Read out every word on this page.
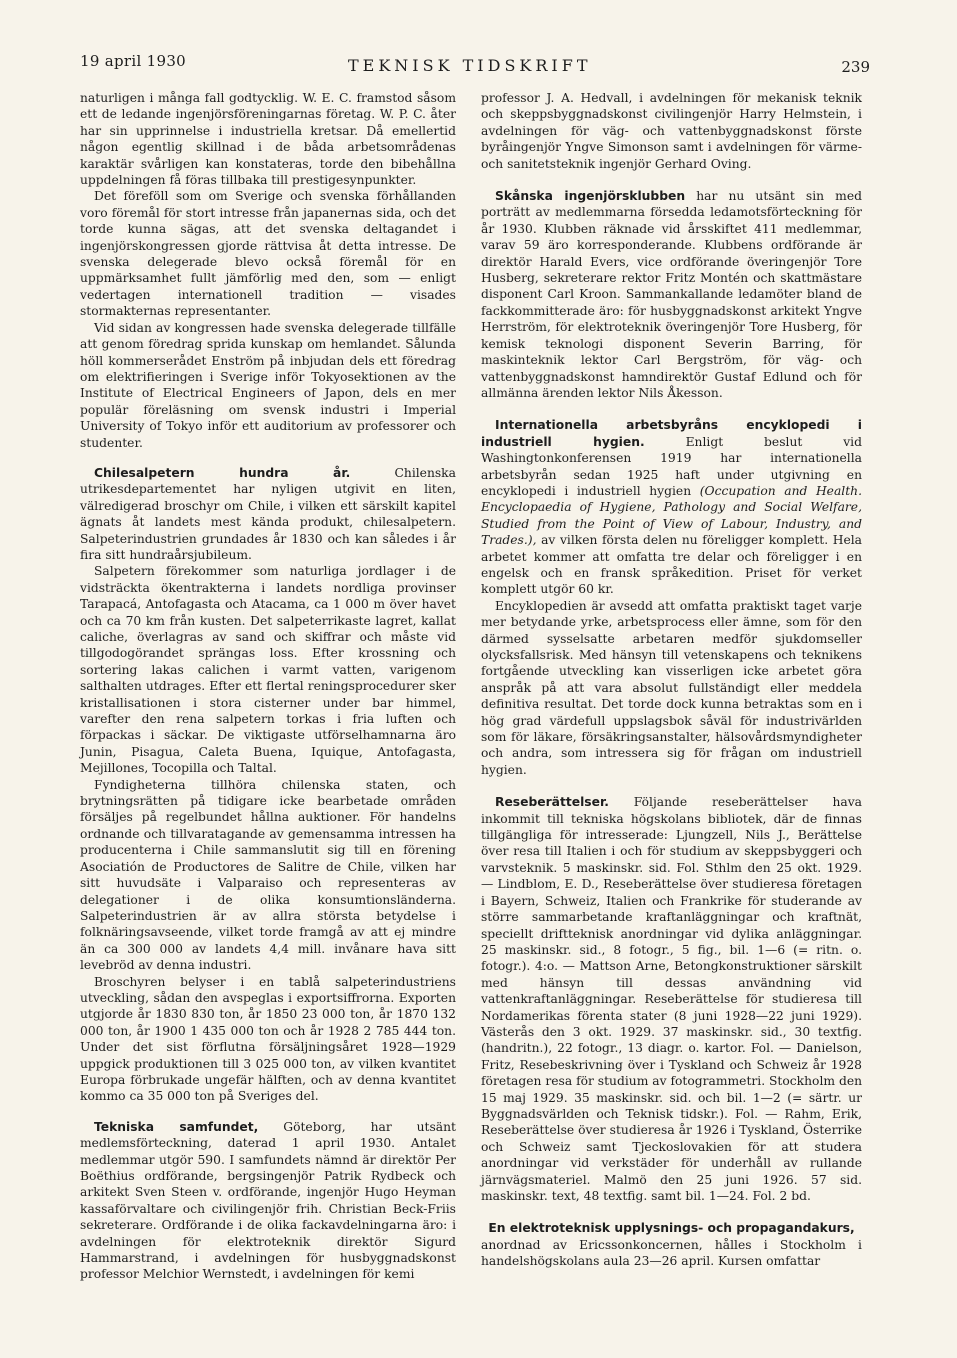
19 april 1930	TEKNISK TIDSKRIFT	239

naturligen i många fall godtycklig. W. E. C. framstod såsom ett de ledande ingenjörsföreningarnas företag. W. P. C. åter har sin upprinnelse i industriella kretsar. Då emellertid någon egentlig skillnad i de båda arbetsområdenas karaktär svårligen kan konstateras, torde den bibehållna uppdelningen få föras tillbaka till prestigesynpunkter.

Det föreföll som om Sverige och svenska förhållanden voro föremål för stort intresse från japanernas sida, och det torde kunna sägas, att det svenska deltagandet i ingenjörskongressen gjorde rättvisa åt detta intresse. De svenska delegerade blevo också föremål för en uppmärksamhet fullt jämförlig med den, som — enligt vedertagen internationell tradition — visades stormakternas representanter.

Vid sidan av kongressen hade svenska delegerade tillfälle att genom föredrag sprida kunskap om hemlandet. Sålunda höll kommerserådet Enström på inbjudan dels ett föredrag om elektrifieringen i Sverige inför Tokyosektionen av the Institute of Electrical Engineers of Japon, dels en mer populär föreläsning om svensk industri i Imperial University of Tokyo inför ett auditorium av professorer och studenter.

Chilesalpetern hundra år.	Chilenska utrikesdepartementet har nyligen utgivit en liten, välredigerad broschyr om Chile, i vilken ett särskilt kapitel ägnats åt landets mest kända produkt, chilesalpetern. Salpeterindustrien grundades år 1830 och kan således i år fira sitt hundraårsjubileum.

Salpetern förekommer som naturliga jordlager i de vidsträckta ökentrakterna i landets nordliga provinser Tarapacá, Antofagasta och Atacama, ca 1 000 m över havet och ca 70 km från kusten. Det salpeterrikaste lagret, kallat caliche, överlagras av sand och skiffrar och måste vid tillgodogörandet sprängas loss. Efter krossning och sortering lakas calichen i varmt vatten, varigenom salthalten utdrages. Efter ett flertal reningsprocedurer sker kristallisationen i stora cisterner under bar himmel, varefter den rena salpetern torkas i fria luften och förpackas i säckar. De viktigaste utförselhamnarna äro Junin, Pisagua, Caleta Buena, Iquique, Antofagasta, Mejillones, Tocopilla och Taltal.

Fyndigheterna tillhöra chilenska staten, och brytningsrätten på tidigare icke bearbetade områden försäljes på regelbundet hållna auktioner. För handelns ordnande och tillvaratagande av gemensamma intressen ha producenterna i Chile sammanslutit sig till en förening Asociatión de Productores de Salitre de Chile, vilken har sitt huvudsäte i Valparaiso och representeras av delegationer i de olika konsumtionsländerna. Salpeterindustrien är av allra största betydelse i folknäringsavseende, vilket torde framgå av att ej mindre än ca 300 000 av landets 4,4 mill. invånare hava sitt levebröd av denna industri.

Broschyren belyser i en tablå salpeterindustriens utveckling, sådan den avspeglas i exportsiffrorna. Exporten utgjorde år 1830 830 ton, år 1850 23 000 ton, år 1870 132 000 ton, år 1900 1 435 000 ton och år 1928 2 785 444 ton. Under det sist förflutna försäljningsåret 1928—1929 uppgick produktionen till 3 025 000 ton, av vilken kvantitet Europa förbrukade ungefär hälften, och av denna kvantitet kommo ca 35 000 ton på Sveriges del.

Tekniska samfundet, Göteborg, har utsänt medlemsförteckning, daterad 1 april 1930. Antalet medlemmar utgör 590. I samfundets nämnd är direktör Per Boëthius ordförande, bergsingenjör Patrik Rydbeck och arkitekt Sven Steen v. ordförande, ingenjör Hugo Heyman kassaförvaltare och civilingenjör frih. Christian Beck-Friis sekreterare. Ordförande i de olika fackavdelningarna äro: i avdelningen för elektroteknik direktör Sigurd Hammarstrand, i avdelningen för husbyggnadskonst professor Melchior Wernstedt, i avdelningen för kemi

professor J. A. Hedvall, i avdelningen för mekanisk teknik och skeppsbyggnadskonst civilingenjör Harry Helmstein, i avdelningen för väg- och vattenbyggnadskonst förste byråingenjör Yngve Simonson samt i avdelningen för värme- och sanitetsteknik ingenjör Gerhard Oving.

Skånska ingenjörsklubben har nu utsänt sin med porträtt av medlemmarna försedda ledamotsförteckning för år 1930. Klubben räknade vid årsskiftet 411 medlemmar, varav 59 äro korresponderande. Klubbens ordförande är direktör Harald Evers, vice ordförande överingenjör Tore Husberg, sekreterare rektor Fritz Montén och skattmästare disponent Carl Kroon. Sammankallande ledamöter bland de fackkommitterade äro: för husbyggnadskonst arkitekt Yngve Herrström, för elektroteknik överingenjör Tore Husberg, för kemisk teknologi disponent Severin Barring, för maskinteknik lektor Carl Bergström, för väg- och vattenbyggnadskonst hamndirektör Gustaf Edlund och för allmänna ärenden lektor Nils Åkesson.

Internationella arbetsbyråns encyklopedi i industriell hygien.	Enligt beslut vid Washingtonkonferensen 1919 har internationella arbetsbyrån sedan 1925 haft under utgivning en encyklopedi i industriell hygien (Occupation and Health. Encyclopaedia of Hygiene, Pathology and Social Welfare, Studied from the Point of View of Labour, Industry, and Trades.), av vilken första delen nu föreligger komplett. Hela arbetet kommer att omfatta tre delar och föreligger i en engelsk och en fransk språkedition. Priset för verket komplett utgör 60 kr.

Encyklopedien är avsedd att omfatta praktiskt taget varje mer betydande yrke, arbetsprocess eller ämne, som för den därmed sysselsatte arbetaren medför sjukdomseller olycksfallsrisk. Med hänsyn till vetenskapens och teknikens fortgående utveckling kan visserligen icke arbetet göra anspråk på att vara absolut fullständigt eller meddela definitiva resultat. Det torde dock kunna betraktas som en i hög grad värdefull uppslagsbok såväl för industrivärlden som för läkare, försäkringsanstalter, hälsovårdsmyndigheter och andra, som intressera sig för frågan om industriell hygien.

Reseberättelser. Följande reseberättelser hava inkommit till tekniska högskolans bibliotek, där de finnas tillgängliga för intresserade: Ljungzell, Nils J., Berättelse över resa till Italien i och för studium av skeppsbyggeri och varvsteknik. 5 maskinskr. sid. Fol. Sthlm den 25 okt. 1929. — Lindblom, E. D., Reseberättelse över studieresa företagen i Bayern, Schweiz, Italien och Frankrike för studerande av större sammarbetande kraftanläggningar och kraftnät, speciellt driftteknisk anordningar vid dylika anläggningar. 25 maskinskr. sid., 8 fotogr., 5 fig., bil. 1—6 (= ritn. o. fotogr.). 4:o. — Mattson Arne, Betongkonstruktioner särskilt med hänsyn till dessas användning vid vattenkraftanläggningar. Reseberättelse för studieresa till Nordamerikas förenta stater (8 juni 1928—22 juni 1929). Västerås den 3 okt. 1929. 37 maskinskr. sid., 30 textfig. (handritn.), 22 fotogr., 13 diagr. o. kartor. Fol. — Danielson, Fritz, Resebeskrivning över i Tyskland och Schweiz år 1928 företagen resa för studium av fotogrammetri. Stockholm den 15 maj 1929. 35 maskinskr. sid. och bil. 1—2 (= särtr. ur Byggnadsvärlden och Teknisk tidskr.). Fol. — Rahm, Erik, Reseberättelse över studieresa år 1926 i Tyskland, Österrike och Schweiz samt Tjeckoslovakien för att studera anordningar vid verkstäder för underhåll av rullande järnvägsmateriel. Malmö den 25 juni 1926. 57 sid. maskinskr. text, 48 textfig. samt bil. 1—24. Fol. 2 bd.

En elektroteknisk upplysnings- och propagandakurs,

anordnad av Ericssonkoncernen, hålles i Stockholm i handelshögskolans aula 23—26 april. Kursen omfattar
